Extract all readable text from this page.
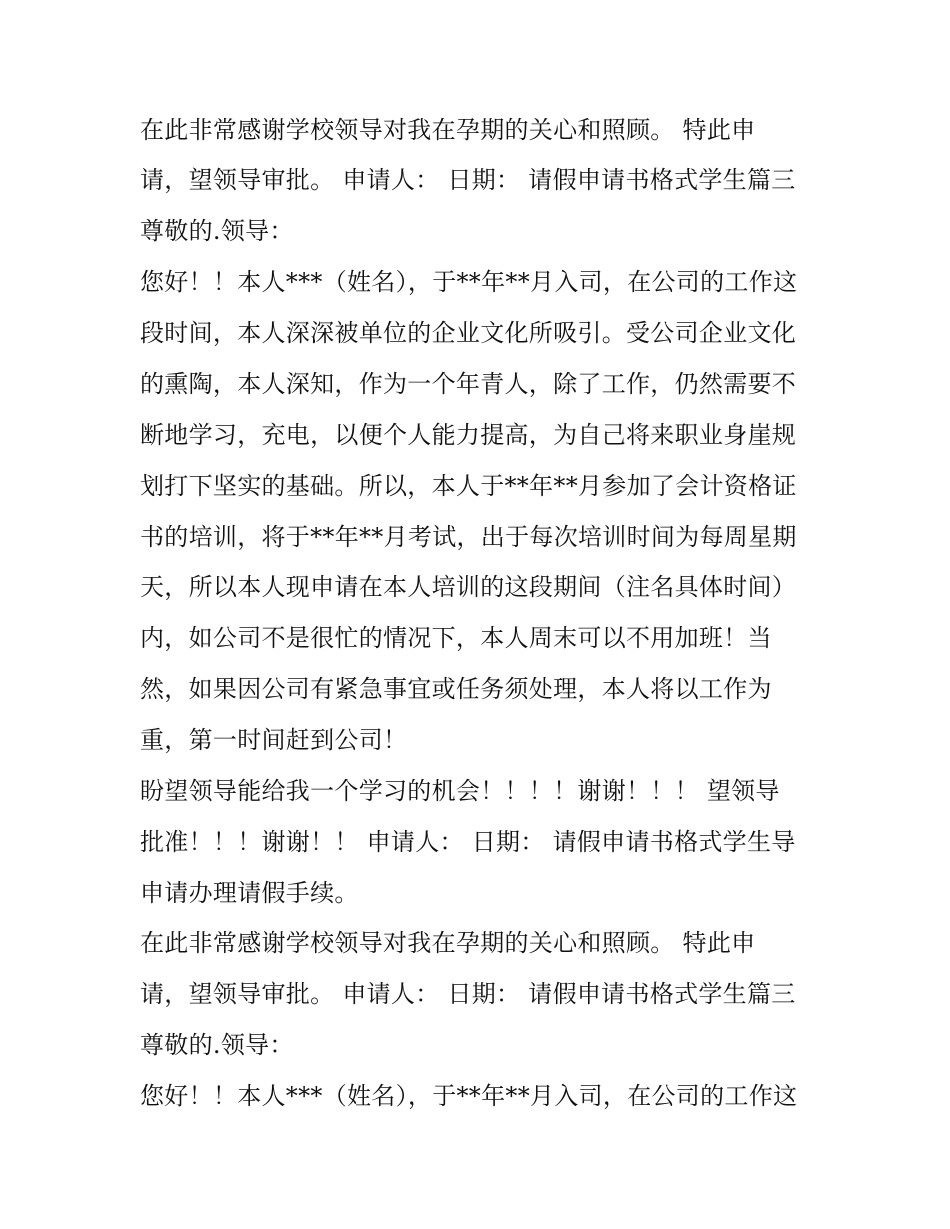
在此非常感谢学校领导对我在孕期的关心和照顾。 特此申
请，望领导审批。 申请人： 日期： 请假申请书格式学生篇三
尊敬的.领导：
您好！！本人***（姓名），于**年**月入司，在公司的工作这
段时间，本人深深被单位的企业文化所吸引。受公司企业文化
的熏陶，本人深知，作为一个年青人，除了工作，仍然需要不
断地学习，充电，以便个人能力提高，为自己将来职业身崖规
划打下坚实的基础。所以，本人于**年**月参加了会计资格证
书的培训，将于**年**月考试，出于每次培训时间为每周星期
天，所以本人现申请在本人培训的这段期间（注名具体时间）
内，如公司不是很忙的情况下，本人周末可以不用加班！当
然，如果因公司有紧急事宜或任务须处理，本人将以工作为
重，第一时间赶到公司！
盼望领导能给我一个学习的机会！！！！谢谢！！！ 望领导
批准！！！谢谢！！ 申请人： 日期： 请假申请书格式学生导
申请办理请假手续。
在此非常感谢学校领导对我在孕期的关心和照顾。 特此申
请，望领导审批。 申请人： 日期： 请假申请书格式学生篇三
尊敬的.领导：
您好！！本人***（姓名），于**年**月入司，在公司的工作这
